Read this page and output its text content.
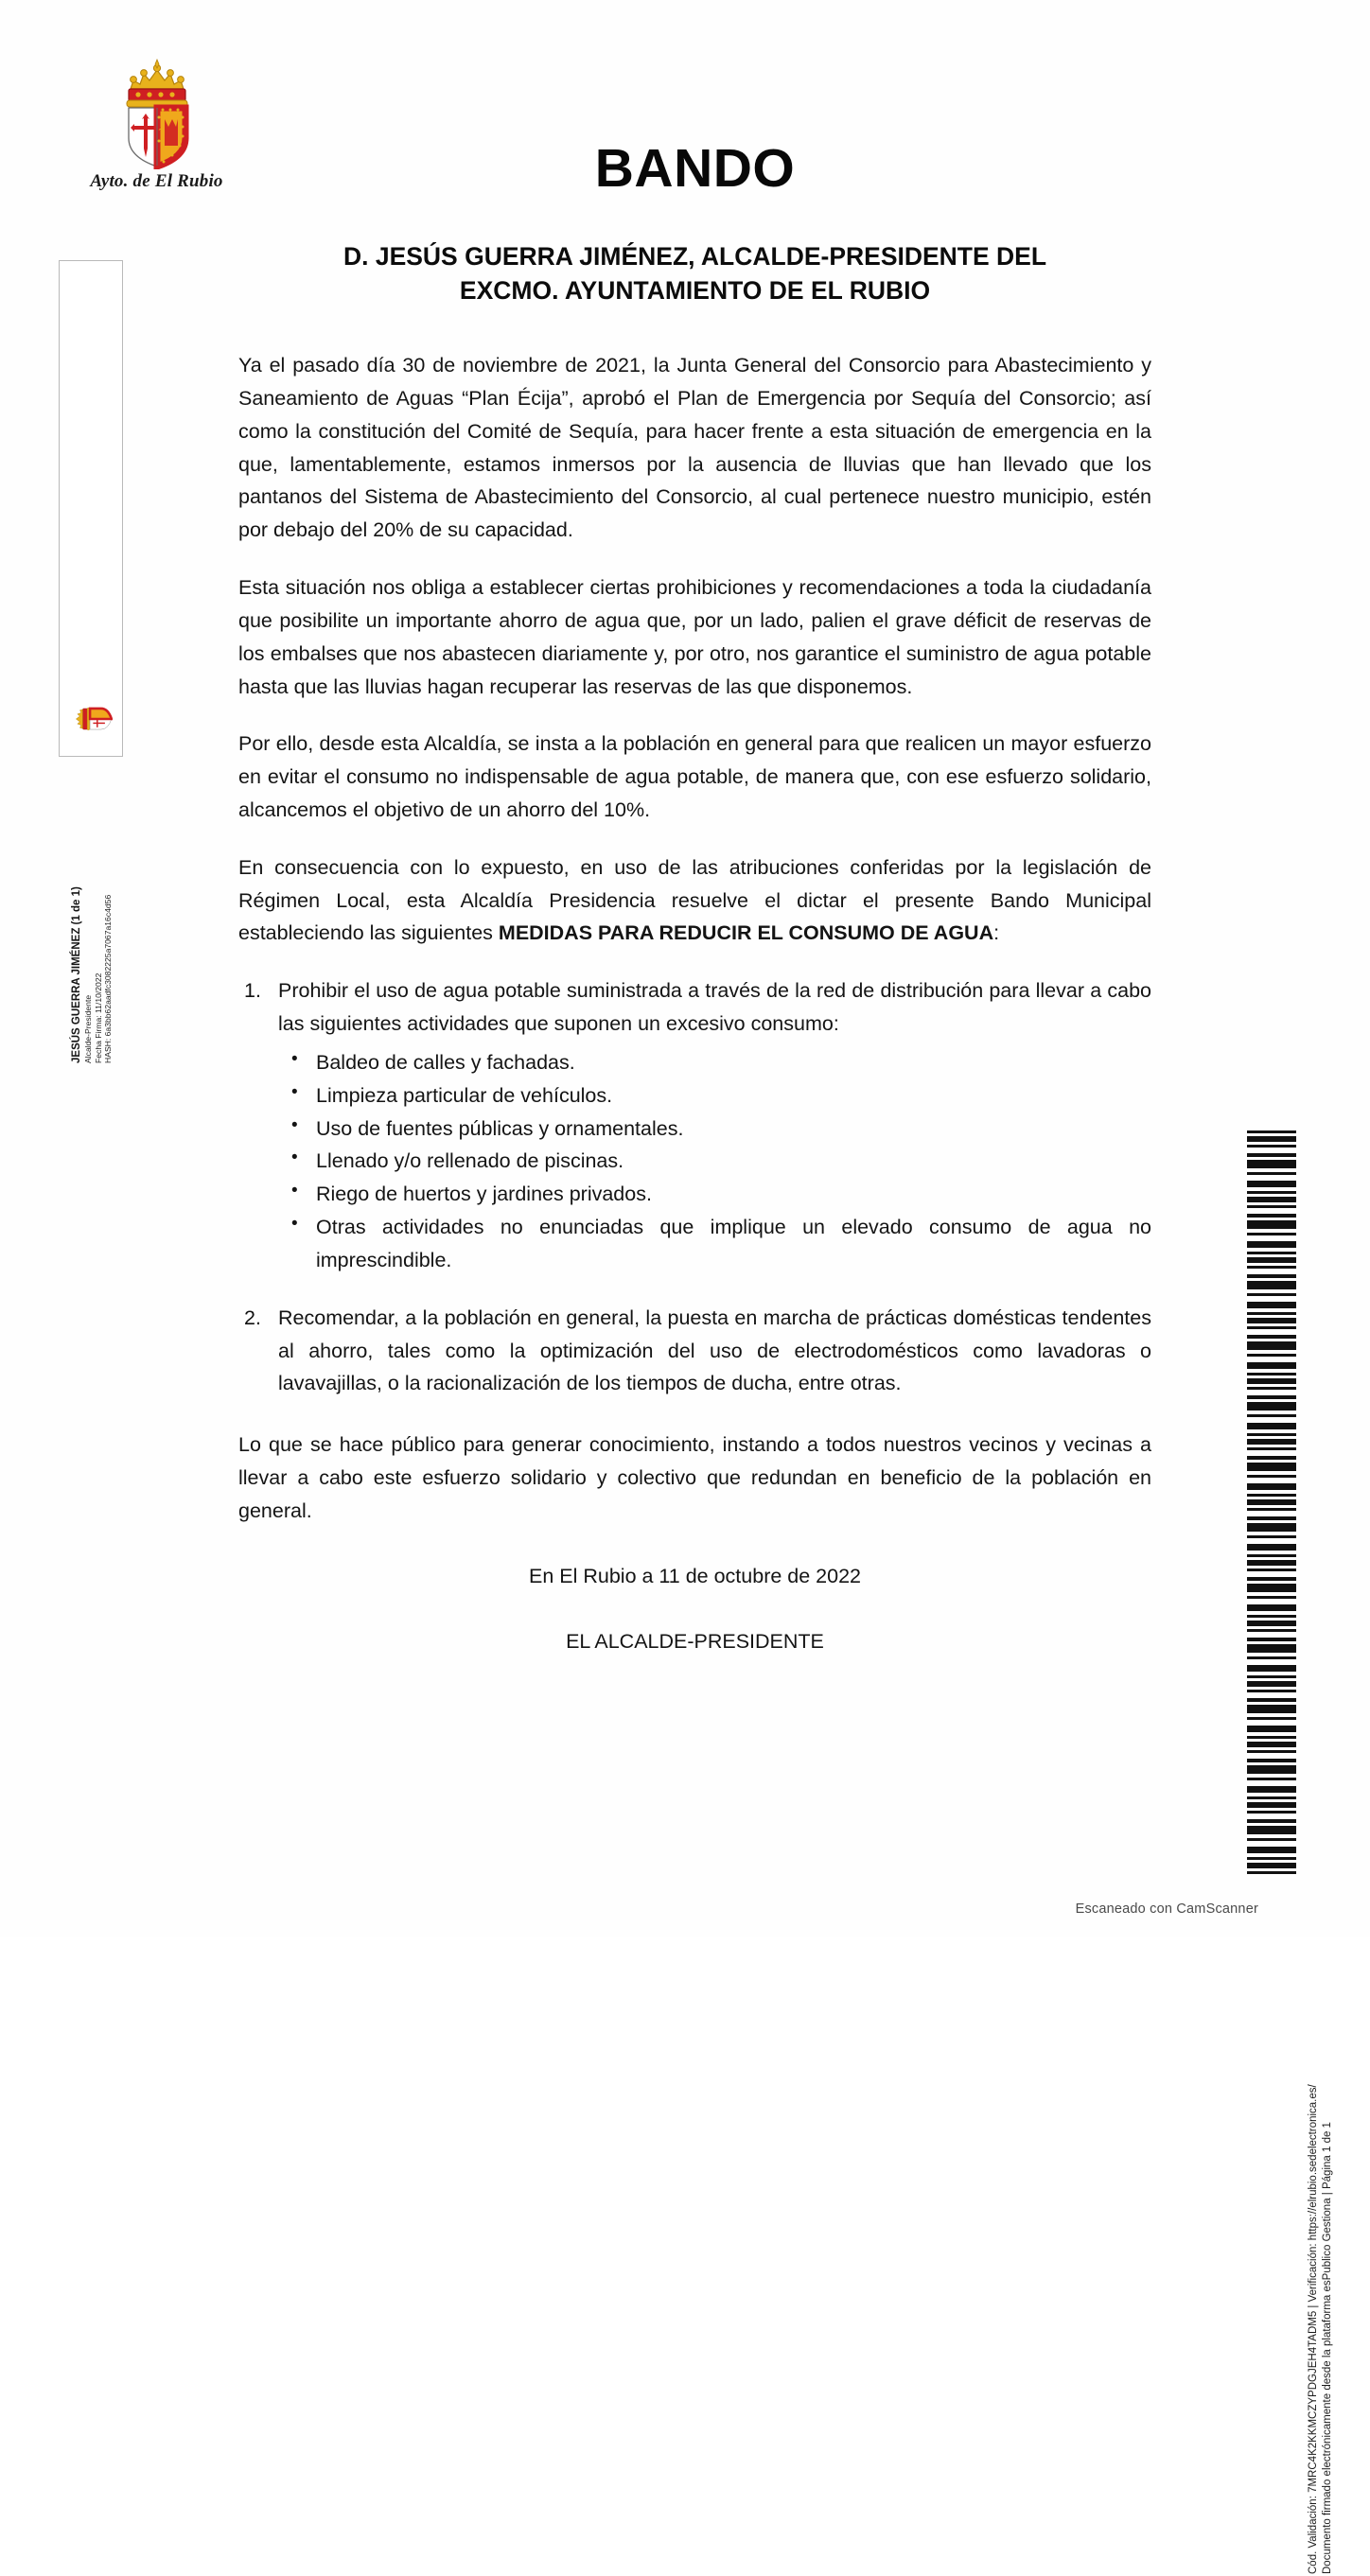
Ayto. de El Rubio
JESÚS GUERRA JIMÉNEZ (1 de 1) Alcalde-Presidente Fecha Firma: 11/10/2022 HASH: 6a3bb62aadfc3082225a7067a16c4d56
BANDO
D. JESÚS GUERRA JIMÉNEZ, ALCALDE-PRESIDENTE DEL
EXCMO. AYUNTAMIENTO DE EL RUBIO

Ya el pasado día 30 de noviembre de 2021, la Junta General del Consorcio para Abastecimiento y Saneamiento de Aguas “Plan Écija”, aprobó el Plan de Emergencia por Sequía del Consorcio; así como la constitución del Comité de Sequía, para hacer frente a esta situación de emergencia en la que, lamentablemente, estamos inmersos por la ausencia de lluvias que han llevado que los pantanos del Sistema de Abastecimiento del Consorcio, al cual pertenece nuestro municipio, estén por debajo del 20% de su capacidad.

Esta situación nos obliga a establecer ciertas prohibiciones y recomendaciones a toda la ciudadanía que posibilite un importante ahorro de agua que, por un lado, palien el grave déficit de reservas de los embalses que nos abastecen diariamente y, por otro, nos garantice el suministro de agua potable hasta que las lluvias hagan recuperar las reservas de las que disponemos.

Por ello, desde esta Alcaldía, se insta a la población en general para que realicen un mayor esfuerzo en evitar el consumo no indispensable de agua potable, de manera que, con ese esfuerzo solidario, alcancemos el objetivo de un ahorro del 10%.

En consecuencia con lo expuesto, en uso de las atribuciones conferidas por la legislación de Régimen Local, esta Alcaldía Presidencia resuelve el dictar el presente Bando Municipal estableciendo las siguientes MEDIDAS PARA REDUCIR EL CONSUMO DE AGUA:

1. Prohibir el uso de agua potable suministrada a través de la red de distribución para llevar a cabo las siguientes actividades que suponen un excesivo consumo:
• Baldeo de calles y fachadas.
• Limpieza particular de vehículos.
• Uso de fuentes públicas y ornamentales.
• Llenado y/o rellenado de piscinas.
• Riego de huertos y jardines privados.
• Otras actividades no enunciadas que implique un elevado consumo de agua no imprescindible.
2. Recomendar, a la población en general, la puesta en marcha de prácticas domésticas tendentes al ahorro, tales como la optimización del uso de electrodomésticos como lavadoras o lavavajillas, o la racionalización de los tiempos de ducha, entre otras.

Lo que se hace público para generar conocimiento, instando a todos nuestros vecinos y vecinas a llevar a cabo este esfuerzo solidario y colectivo que redundan en beneficio de la población en general.

En El Rubio a 11 de octubre de 2022
EL ALCALDE-PRESIDENTE
Cód. Validación: 7MRC4K2KKMCZYPDGJEH4TADM5 | Verificación: https://elrubio.sedelectronica.es/ Documento firmado electrónicamente desde la plataforma esPublico Gestiona | Página 1 de 1
Escaneado con CamScanner
